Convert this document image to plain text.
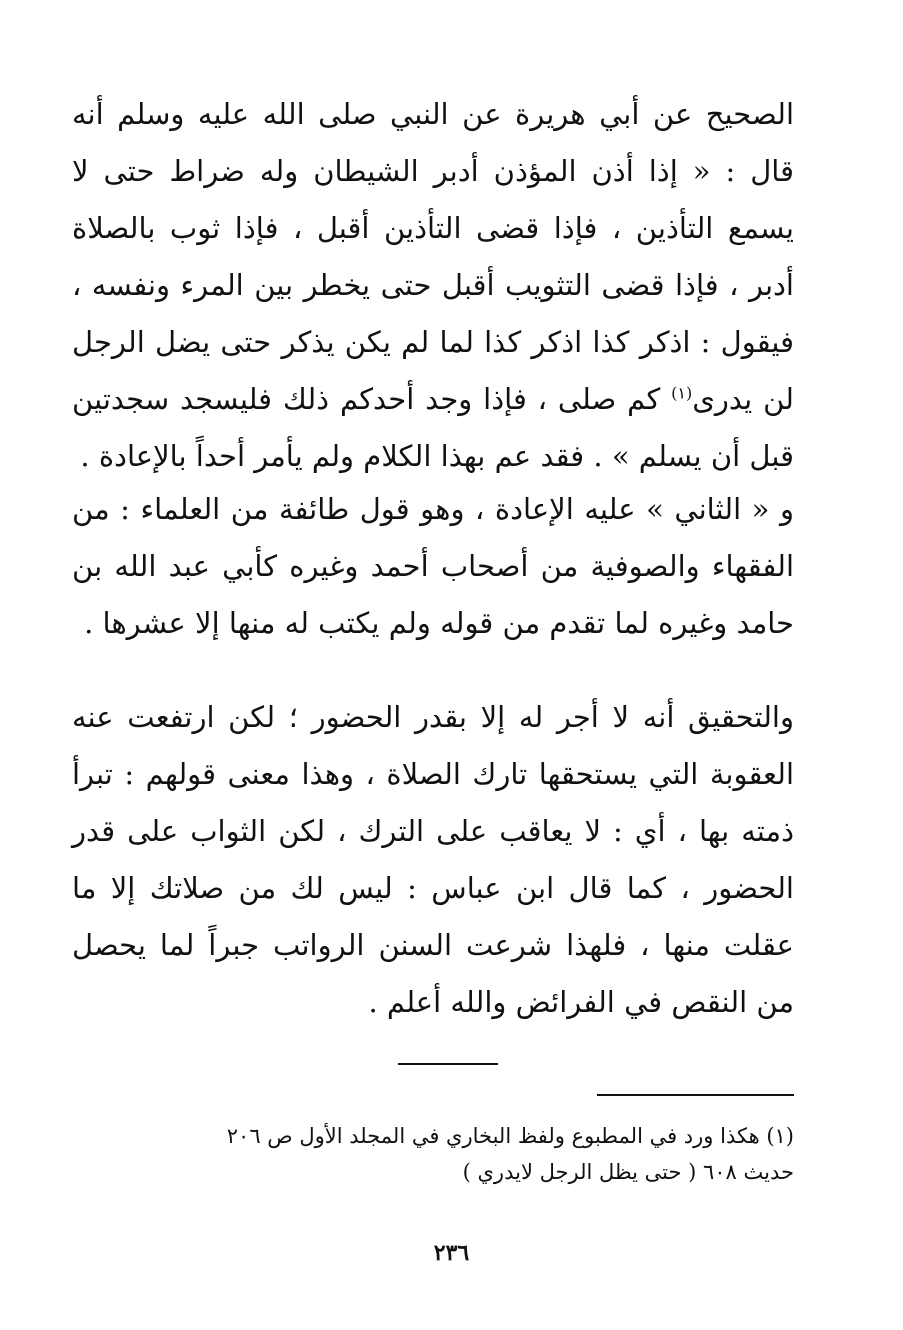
الصحيح عن أبي هريرة عن النبي صلى الله عليه وسلم أنه قال : « إذا أذن المؤذن أدبر الشيطان وله ضراط حتى لا يسمع التأذين ، فإذا قضى التأذين أقبل ، فإذا ثوب بالصلاة أدبر ، فإذا قضى التثويب أقبل حتى يخطر بين المرء ونفسه ، فيقول : اذكر كذا اذكر كذا لما لم يكن يذكر حتى يضل الرجل لن يدرى$^{(١)}$ كم صلى ، فإذا وجد أحدكم ذلك فليسجد سجدتين قبل أن يسلم » . فقد عم بهذا الكلام ولم يأمر أحداً بالإعادة .

و « الثاني » عليه الإعادة ، وهو قول طائفة من العلماء : من الفقهاء والصوفية من أصحاب أحمد وغيره كأبي عبد الله بن حامد وغيره لما تقدم من قوله ولم يكتب له منها إلا عشرها .

والتحقيق أنه لا أجر له إلا بقدر الحضور ؛ لكن ارتفعت عنه العقوبة التي يستحقها تارك الصلاة ، وهذا معنى قولهم : تبرأ ذمته بها ، أي : لا يعاقب على الترك ، لكن الثواب على قدر الحضور ، كما قال ابن عباس : ليس لك من صلاتك إلا ما عقلت منها ، فلهذا شرعت السنن الرواتب جبراً لما يحصل من النقص في الفرائض والله أعلم .

(١) هكذا ورد في المطبوع ولفظ البخاري في المجلد الأول ص ٢٠٦
حديث ٦٠٨ ( حتى يظل الرجل لايدري )

٢٣٦
